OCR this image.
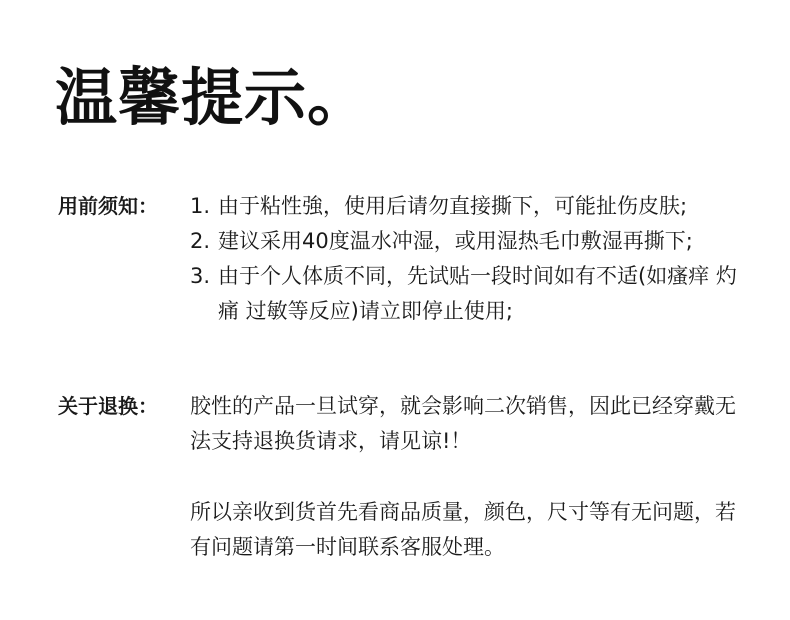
温馨提示。
用前须知： 1. 由于粘性強，使用后请勿直接撕下，可能扯伤皮肤;
2. 建议采用40度温水冲湿，或用湿热毛巾敷湿再撕下;
3. 由于个人体质不同，先试贴一段时间如有不适(如瘙痒 灼痛 过敏等反应)请立即停止使用;
关于退换： 胶性的产品一旦试穿，就会影响二次销售，因此已经穿戴无法支持退换货请求，请见谅!！

所以亲收到货首先看商品质量，颜色，尺寸等有无问题，若有问题请第一时间联系客服处理。
